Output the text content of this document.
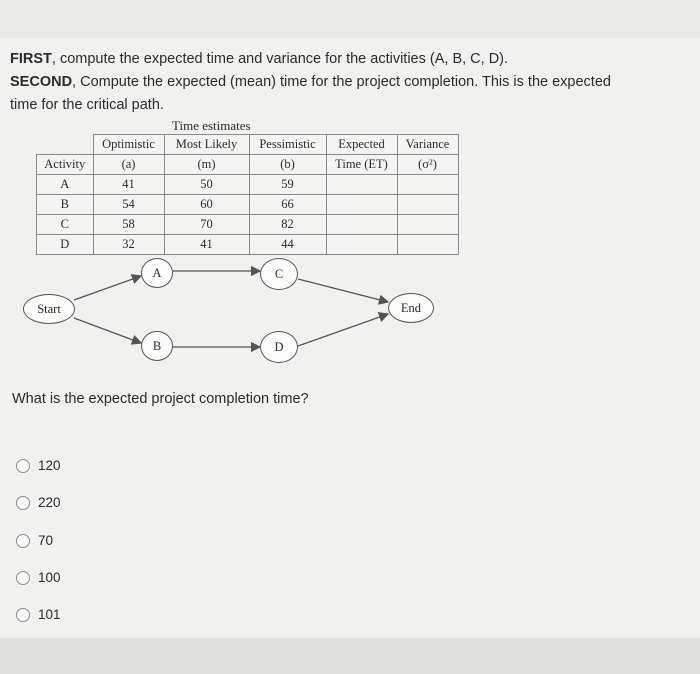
FIRST, compute the expected time and variance for the activities (A, B, C, D).
SECOND, Compute the expected (mean) time for the project completion. This is the expected
time for the critical path.
Time estimates
	Optimistic	Most Likely	Pessimistic	Expected	Variance
Activity	(a)	(m)	(b)	Time (ET)	(σ²)
A	41	50	59		
B	54	60	66		
C	58	70	82		
D	32	41	44		
Start
A
B
C
D
End
What is the expected project completion time?
120
220
70
100
101
